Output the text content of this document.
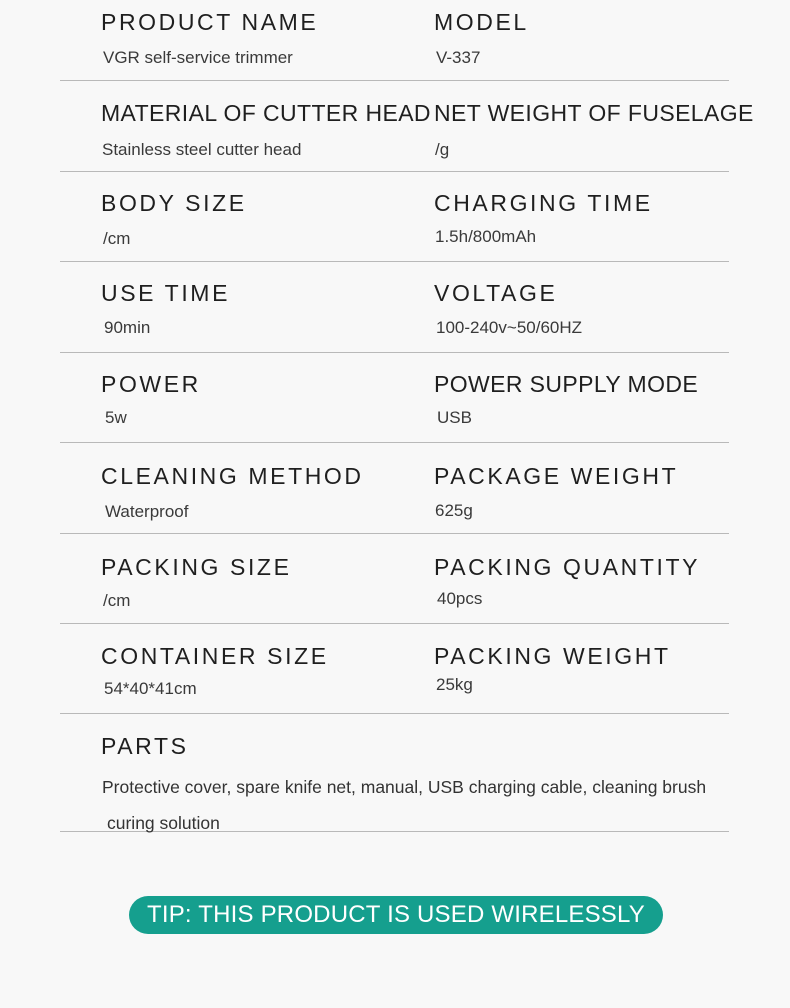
PRODUCT NAME
VGR self-service trimmer
MODEL
V-337
MATERIAL OF CUTTER HEAD
Stainless steel cutter head
NET WEIGHT OF FUSELAGE
/g
BODY SIZE
/cm
CHARGING TIME
1.5h/800mAh
USE TIME
90min
VOLTAGE
100-240v~50/60HZ
POWER
5w
POWER SUPPLY MODE
USB
CLEANING METHOD
Waterproof
PACKAGE WEIGHT
625g
PACKING SIZE
/cm
PACKING QUANTITY
40pcs
CONTAINER SIZE
54*40*41cm
PACKING WEIGHT
25kg
PARTS
Protective cover, spare knife net, manual, USB charging cable, cleaning brush
curing solution
TIP: THIS PRODUCT IS USED WIRELESSLY
